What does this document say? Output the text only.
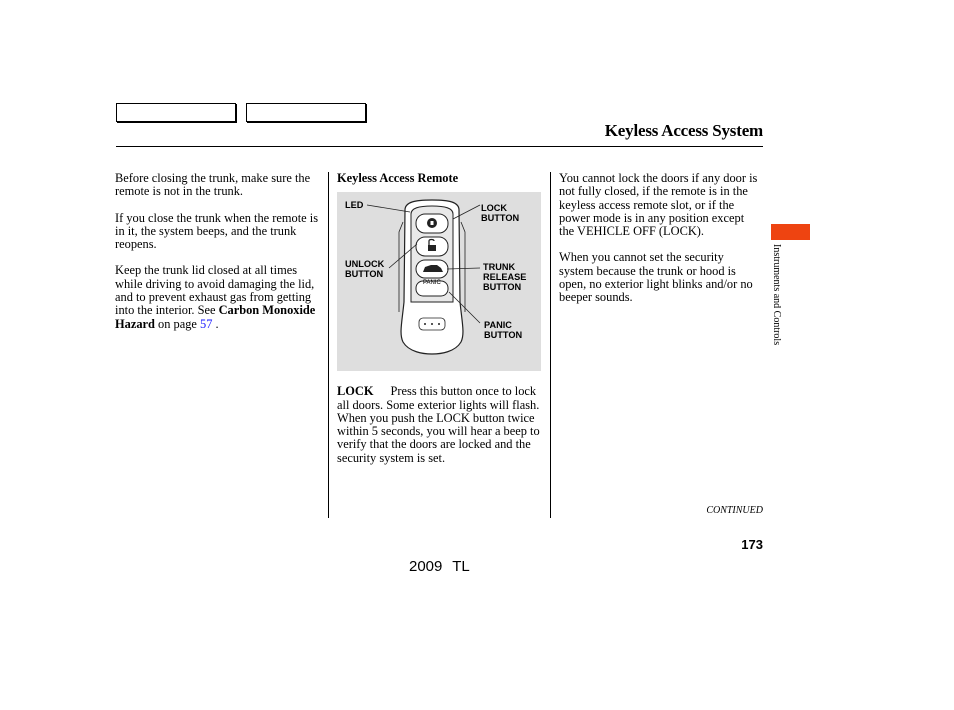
Keyless Access System

Before closing the trunk, make sure the remote is not in the trunk.

If you close the trunk when the remote is in it, the system beeps, and the trunk reopens.

Keep the trunk lid closed at all times while driving to avoid damaging the lid, and to prevent exhaust gas from getting into the interior. See Carbon Monoxide Hazard on page 57 .

Keyless Access Remote
LED	LOCK
BUTTON
UNLOCK
BUTTON
TRUNK
RELEASE
BUTTON
PANIC
BUTTON
PANIC

LOCK Press this button once to lock all doors. Some exterior lights will flash. When you push the LOCK button twice within 5 seconds, you will hear a beep to verify that the doors are locked and the security system is set.

You cannot lock the doors if any door is not fully closed, if the remote is in the keyless access remote slot, or if the power mode is in any position except the VEHICLE OFF (LOCK).

When you cannot set the security system because the trunk or hood is open, no exterior light blinks and/or no beeper sounds.	Instruments and Controls
CONTINUED
173
2009 TL
